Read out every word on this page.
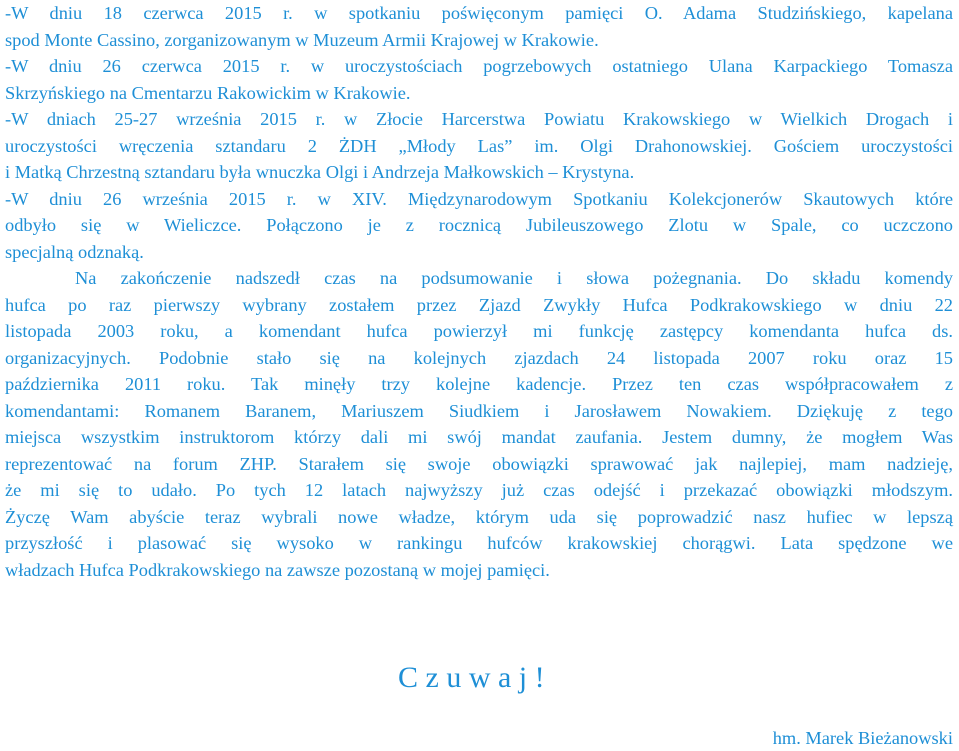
-W dniu 18 czerwca 2015 r. w spotkaniu poświęconym pamięci O. Adama Studzińskiego, kapelana
spod Monte Cassino, zorganizowanym w Muzeum Armii Krajowej w Krakowie.
-W dniu 26 czerwca 2015 r. w uroczystościach pogrzebowych ostatniego Ulana Karpackiego Tomasza
Skrzyńskiego na Cmentarzu Rakowickim w Krakowie.
-W dniach 25-27 września 2015 r. w Złocie Harcerstwa Powiatu Krakowskiego w Wielkich Drogach i
uroczystości wręczenia sztandaru 2 ŻDH „Młody Las” im. Olgi Drahonowskiej. Gościem uroczystości
i Matką Chrzestną sztandaru była wnuczka Olgi i Andrzeja Małkowskich – Krystyna.
-W dniu 26 września 2015 r. w XIV. Międzynarodowym Spotkaniu Kolekcjonerów Skautowych które
odbyło się w Wieliczce. Połączono je z rocznicą Jubileuszowego Zlotu w Spale, co uczczono
specjalną odznaką.
Na zakończenie nadszedł czas na podsumowanie i słowa pożegnania. Do składu komendy
hufca po raz pierwszy wybrany zostałem przez Zjazd Zwykły Hufca Podkrakowskiego w dniu 22
listopada 2003 roku, a komendant hufca powierzył mi funkcję zastępcy komendanta hufca ds.
organizacyjnych. Podobnie stało się na kolejnych zjazdach 24 listopada 2007 roku oraz 15
października 2011 roku. Tak minęły trzy kolejne kadencje. Przez ten czas współpracowałem z
komendantami: Romanem Baranem, Mariuszem Siudkiem i Jarosławem Nowakiem. Dziękuję z tego
miejsca wszystkim instruktorom którzy dali mi swój mandat zaufania. Jestem dumny, że mogłem Was
reprezentować na forum ZHP. Starałem się swoje obowiązki sprawować jak najlepiej, mam nadzieję,
że mi się to udało. Po tych 12 latach najwyższy już czas odejść i przekazać obowiązki młodszym.
Życzę Wam abyście teraz wybrali nowe władze, którym uda się poprowadzić nasz hufiec w lepszą
przyszłość i plasować się wysoko w rankingu hufców krakowskiej chorągwi. Lata spędzone we
władzach Hufca Podkrakowskiego na zawsze pozostaną w mojej pamięci.
C z u w a j !
hm. Marek Bieżanowski
